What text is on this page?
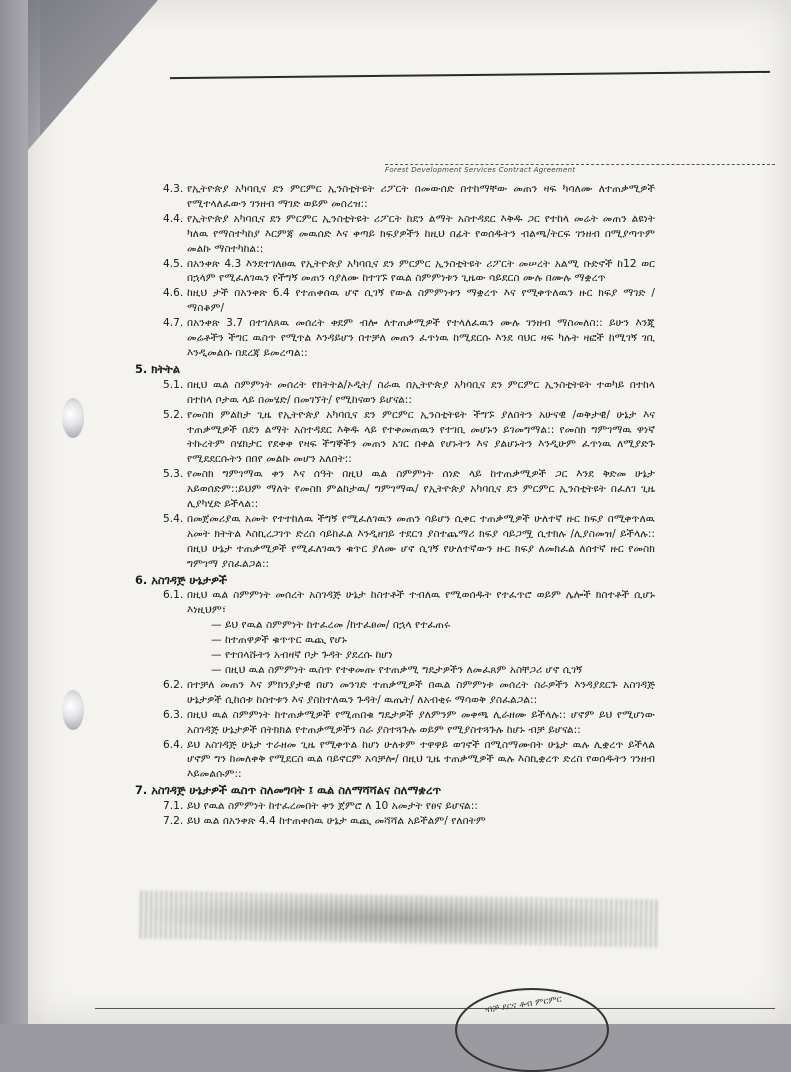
Forest Development Services Contract Agreement
4.3. የኢትዮጵያ አካባቢና ደን ምርምር ኢንስቲትዩት ሪፖርት በመውሰድ በተከማቸው መጠን ዛፍ ካሳለሙ ለተጠቃሚዎች የሚተላለፈውን ገንዘብ ማገድ ወይም መሰረዝ::
4.4. የኢትዮጵያ አካባቢና ደን ምርምር ኢንስቲትዩት ሪፖርት ከደን ልማት አስተዳደር እቅዱ ጋር የተከላ መሬት መጠን ልዩነት ካለዉ የማስተካከያ እርምጃ መዉሰድ እና ቀጣይ ክፍያዎችን ከዚህ በፊት የወሰዱትን ብልጫ/ትርፍ ገንዘብ በሚያጣጥም መልኩ ማስተካከል::
4.5. በአንቀጽ 4.3 እንደተገለፀዉ የኢትዮጵያ አካባቢና ደን ምርምር ኢንስቲትዩት ሪፖርት መሠረት አልሚ ቡድኖች ከ12 ወር በኋላም የሚፈለገዉን የችግኝ መጠን ሳያለሙ ከተገኙ የዉል ስምምነቱን ጊዜው ሳይደርስ ሙሉ በሙሉ ማቋረጥ
4.6. ከዚህ ታች በአንቀጽ 6.4 የተጠቀሰዉ ሆኖ ሲገኝ የውል ስምምነቱን ማቋረጥ እና የሚቀጥለዉን ዙር ክፍያ ማገድ /ማስቆም/
4.7. በአንቀጽ 3.7 በተገለጸዉ መሰረት ቀደም ብሎ ለተጠቃሚዎች የተላለፈዉን ሙሉ ገንዘብ ማስመለስ:: ይሁን እንጂ መሬቶችን ችግር ዉስጥ የሚጥል እንዳይሆን በተቻለ መጠን ፈጥነዉ ከሚደርሱ እንደ ባህር ዛፍ ካሉት ዛፎች ከሚገኝ ገቢ እንዲመልሱ በደረጃ ይመረጣል::
5. ክትትል
5.1. በዚህ ዉል ስምምነት መሰረት የክትትል/ኦዲት/ ስራዉ በኢትዮጵያ አካባቢና ደን ምርምር ኢንስቲትዩት ተወካይ በተከላ በተከላ ቦታዉ ላይ በመሄድ/ በመገኘት/ የሚከናወን ይሆናል::
5.2. የመስክ ምልከታ ጊዜ የኢትዮጵያ አካባቢና ደን ምርምር ኢንስቲትዩት ችግኙ ያለበትን አሁናዊ /ወቅታዊ/ ሁኔታ እና ተጠቃሚዎች በደን ልማት አስተዳደር እቅዱ ላይ የተቀመጠዉን የተገቢ መሆኑን ይገመግማል:: የመስክ ግምገማዉ ዋነኛ ትኩረትም በሄክታር የደቀቀ የዛፍ ችግኞችን መጠን አገር በቀል የሆኑትን እና ያልሆኑትን እንዲሁም ፈጥነዉ ለሚያድጉ የሚደደርሱትን በበየ መልኩ መሆን አለበት::
5.3. የመስክ ግምገማዉ ቀን እና ሰዓት በዚህ ዉል ስምምነት ሰነድ ላይ ከተጠቃሚዎች ጋር እንደ ቅድመ ሁኔታ አይወሰድም::ይህም ማለት የመስክ ምልከታዉ/ ግምገማዉ/ የኢትዮጵያ አካባቢና ደን ምርምር ኢንስቲትዩት በፈለገ ጊዜ ሊያካሂድ ይችላል::
5.4. በመጀመሪያዉ አመት የተተከለዉ ችግኝ የሚፈለገዉን መጠን ሳይሆን ሲቀር ተጠቃሚዎች ሁለተኛ ዙር ክፍያ በሚቀጥለዉ አመት ክትትል እስኪረጋገጥ ድረስ ሳይከፈል እንዲዘገይ ተደርጎ ያስተጨማሪ ክፍያ ሳይጋሟ ሲተክሉ /ሊያስመዝ/ ይችላሉ:: በዚህ ሁኔታ ተጠቃሚዎች የሚፈለገዉን ቁጥር ያለሙ ሆኖ ሲገኝ የሁለተኛውን ዙር ክፍያ ለመክፈል ለሰተኛ ዙር የመስክ ግምገማ ያስፈልጋል::
6. አስገዳጅ ሁኔታዎች
6.1. በዚህ ዉል ስምምነት መሰረት አስገዳጅ ሁኔታ ከስተቶች ተብለዉ የሚወሰዱት የተፈጥሮ ወይም ሌሎች ክስተቶች ሲሆኑ እነዚህም፣
— ይህ የዉል ስምምነት ከተፈረመ /ከተፈፀመ/ በኋላ የተፈጠሩ
— ከተጠዋዎች ቁጥጥር ዉጪ የሆኑ
— የተበላሹትን አብዛኛ ቦታ ጉዳት ያደረሱ ከሆነ
— በዚህ ዉል ስምምነት ዉስጥ የተቀመጡ የተጠቃሚ ግዴታዎችን ለመፈጸም አስቸጋሪ ሆኖ ሲገኝ
6.2. በተቻለ መጠን እና ምክንያታዊ በሆነ መንገድ ተጠቃሚዎች በዉል ስምምነቱ መሰረት ስራዎችን እንዳያደርጉ አስገዳጅ ሁኔታዎች ሲከሰቱ ከስተቱን እና ያስከተለዉን ጉዳት/ ዉጤት/ ለአብቂሩ ማሳወቅ ያስፈልጋል::
6.3. በዚህ ዉል ስምምነት ከተጠቃሚዎች የሚጠበቁ ግዴታዎች ያለምንም መቀጫ ሊራዘሙ ይችላሉ:: ሆኖም ይህ የሚሆነው አስገዳጅ ሁኔታዎች በትክክል የተጠቃሚዎችን ስራ ያስተጓጉሉ ወይም የሚያስተጓጉሉ ከሆኑ ብቻ ይሆናል::
6.4. ይህ አስገዳጅ ሁኔታ ተራዘመ ጊዜ የሚቀጥል ከሆነ ሁለቱም ተዋዋይ ወገኖች በሚስማሙበት ሁኔታ ዉሉ ሊቋረጥ ይችላል ሆኖም ግን ከመለቀቅ የሚደርስ ዉል ባይኖርም አሳቻሎ/ በዚህ ጊዜ ተጠቃሚዎች ዉሉ እስኪቋረጥ ድረስ የወሰዱትን ገንዘብ እይመልሱም::
7. አስገዳጅ ሁኔታዎች ዉስጥ ስለመግባት ፤ ዉል ስለማሻሻልና ስለማቋረጥ
7.1. ይህ የዉል ስምምነት ከተፈረመበት ቀን ጀምሮ ለ 10 አመታት የፀና ይሆናል::
7.2. ይህ ዉል በአንቀጽ 4.4 ከተጠቀሰዉ ሁኔታ ዉጪ መሻሻል አይችልም/ የለበትም
ብቻ ደርና ቶብ ምርምር
